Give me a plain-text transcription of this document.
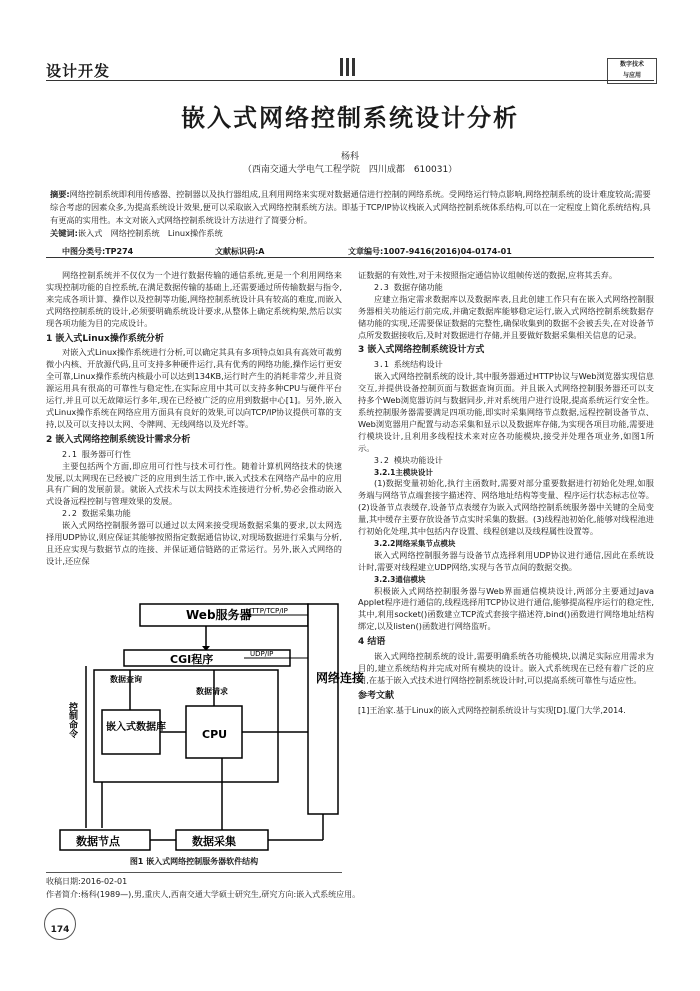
设计开发	数字技术
与应用
嵌入式网络控制系统设计分析
杨科
（西南交通大学电气工程学院　四川成都　610031）
摘要:网络控制系统即利用传感器、控制器以及执行器组成,且利用网络来实现对数据通信进行控制的网络系统。受网络运行特点影响,网络控制系统的设计难度较高;需要综合考虑的因素众多,为提高系统设计效果,便可以采取嵌入式网络控制系统方法。即基于TCP/IP协议栈嵌入式网络控制系统体系结构,可以在一定程度上简化系统结构,具有更高的实用性。本文对嵌入式网络控制系统设计方法进行了简要分析。
关键词:嵌入式　网络控制系统　Linux操作系统
中图分类号:TP274	文献标识码:A	文章编号:1007-9416(2016)04-0174-01

网络控制系统并不仅仅为一个进行数据传输的通信系统,更是一个利用网络来实现控制功能的自控系统,在满足数据传输的基础上,还需要通过所传输数据与指令,来完成各项计算、操作以及控制等功能,网络控制系统设计具有较高的难度,而嵌入式网络控制系统的设计,必须要明确系统设计要求,从整体上确定系统构架,然后以实现各项功能为目的完成设计。

1 嵌入式Linux操作系统分析

对嵌入式Linux操作系统进行分析,可以确定其具有多项特点如具有高效可裁剪微小内核、开放源代码,且可支持多种硬件运行,具有优秀的网络功能,操作运行更安全可靠,Linux操作系统内核最小可以达到134KB,运行时产生的消耗非常少,并且资源运用具有很高的可靠性与稳定性,在实际应用中其可以支持多种CPU与硬件平台运行,并且可以无故障运行多年,现在已经被广泛的应用到数据中心[1]。另外,嵌入式Linux操作系统在网络应用方面具有良好的效果,可以向TCP/IP协议提供可靠的支持,以及可以支持以太网、令牌网、无线网络以及光纤等。

2 嵌入式网络控制系统设计需求分析
2.1 服务器可行性

主要包括两个方面,即应用可行性与技术可行性。随着计算机网络技术的快速发展,以太网现在已经被广泛的应用到生活工作中,嵌入式技术在网络产品中的应用具有广阔的发展前景。就嵌入式技术与以太网技术连接进行分析,势必会推动嵌入式设备远程控制与管理效果的发展。

2.2 数据采集功能

嵌入式网络控制服务器可以通过以太网来接受现场数据采集的要求,以太网选择用UDP协议,则应保证其能够按照指定数据通信协议,对现场数据进行采集与分析,且还应实现与数据节点的连接、并保证通信链路的正常运行。另外,嵌入式网络的设计,还应保

Web服务器
HTTP/TCP/IP
CGI程序	UDP/IP
网络连接
数据查询
数据请求
嵌入式数据库
CPU
控制命令
数据节点	数据采集
图1 嵌入式网络控制服务器软件结构
收稿日期:2016-02-01
作者简介:杨科(1989—),男,重庆人,西南交通大学硕士研究生,研究方向:嵌入式系统应用。
174

证数据的有效性,对于未按照指定通信协议组帧传送的数据,应将其丢弃。

2.3 数据存储功能

应建立指定需求数据库以及数据库表,且此创建工作只有在嵌入式网络控制服务器相关功能运行前完成,并确定数据库能够稳定运行,嵌入式网络控制系统数据存储功能的实现,还需要保证数据的完整性,确保收集到的数据不会被丢失,在对设备节点所发数据接收后,及时对数据进行存储,并且要做好数据采集相关信息的记录。

3 嵌入式网络控制系统设计方式
3.1 系统结构设计

嵌入式网络控制系统的设计,其中服务器通过HTTP协议与Web浏览器实现信息交互,并提供设备控制页面与数据查询页面。并且嵌入式网络控制服务器还可以支持多个Web浏览器访问与数据同步,并对系统用户进行设限,提高系统运行安全性。系统控制服务器需要满足四项功能,即实时采集网络节点数据,远程控制设备节点、Web浏览器用户配置与动态采集和显示以及数据库存储,为实现各项目功能,需要进行模块设计,且利用多线程技术来对应各功能模块,接受并处理各项业务,如图1所示。

3.2 模块功能设计
3.2.1主模块设计

(1)数据变量初始化,执行主函数时,需要对部分重要数据进行初始化处理,如服务端与网络节点端套接字描述符、网络地址结构等变量、程序运行状态标志位等。(2)设备节点表缓存,设备节点表缓存为嵌入式网络控制系统服务器中关键的全局变量,其中缓存主要存放设备节点实时采集的数据。(3)线程池初始化,能够对线程池进行初始化处理,其中包括内存设置、线程创建以及线程属性设置等。

3.2.2网络采集节点模块

嵌入式网络控制服务器与设备节点选择利用UDP协议进行通信,因此在系统设计时,需要对线程建立UDP网络,实现与各节点间的数据交换。

3.2.3通信模块

积极嵌入式网络控制服务器与Web界面通信模块设计,两部分主要通过Java Applet程序进行通信的,线程选择用TCP协议进行通信,能够提高程序运行的稳定性,其中,利用socket()函数建立TCP流式套接字描述符,bind()函数进行网络地址结构绑定,以及listen()函数进行网络监听。

4 结语

嵌入式网络控制系统的设计,需要明确系统各功能模块,以满足实际应用需求为目的,建立系统结构并完成对所有模块的设计。嵌入式系统现在已经有着广泛的应用,在基于嵌入式技术进行网络控制系统设计时,可以提高系统可靠性与适应性。

参考文献
[1]王治家.基于Linux的嵌入式网络控制系统设计与实现[D].厦门大学,2014.
